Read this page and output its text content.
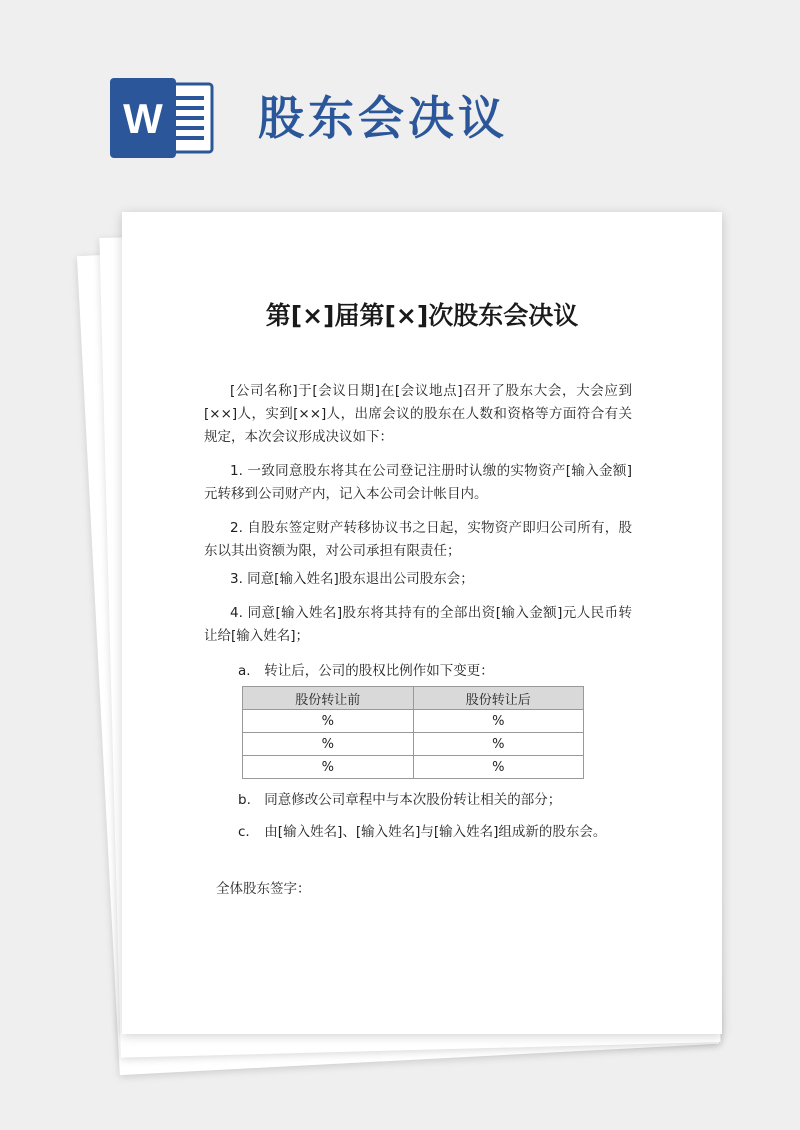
W 股东会决议
第[×]届第[×]次股东会决议
[公司名称]于[会议日期]在[会议地点]召开了股东大会，大会应到[××]人，实到[××]人，出席会议的股东在人数和资格等方面符合有关规定，本次会议形成决议如下：
1. 一致同意股东将其在公司登记注册时认缴的实物资产[输入金额]元转移到公司财产内，记入本公司会计帐目内。
2. 自股东签定财产转移协议书之日起，实物资产即归公司所有，股东以其出资额为限，对公司承担有限责任；
3. 同意[输入姓名]股东退出公司股东会；
4. 同意[输入姓名]股东将其持有的全部出资[输入金额]元人民币转让给[输入姓名]；
a. 转让后，公司的股权比例作如下变更：
股份转让前	股份转让后
%	%
%	%
%	%
b. 同意修改公司章程中与本次股份转让相关的部分；
c. 由[输入姓名]、[输入姓名]与[输入姓名]组成新的股东会。
全体股东签字：
